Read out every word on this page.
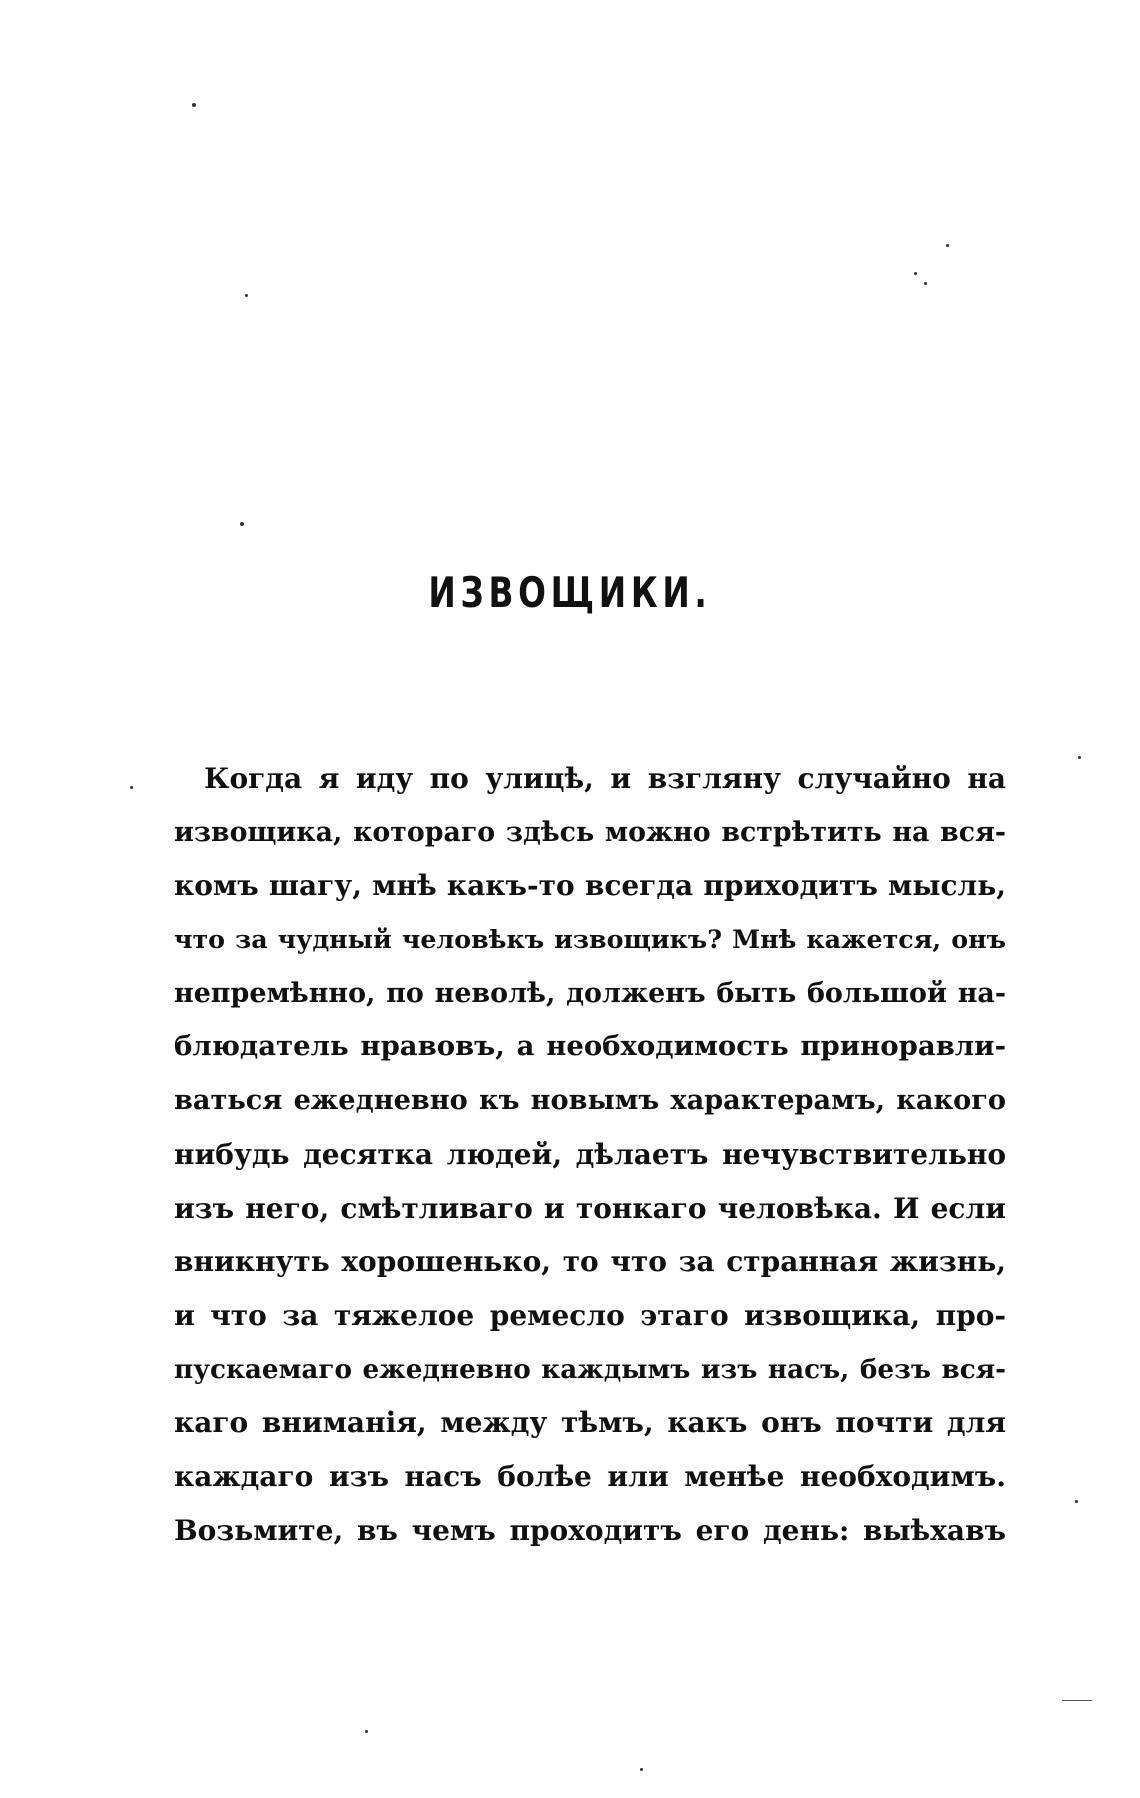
ИЗВОЩИКИ.
Когда я иду по улицѣ, и взгляну случайно на
извощика, котораго здѣсь можно встрѣтить на вся-
комъ шагу, мнѣ какъ-то всегда приходитъ мысль,
что за чудный человѣкъ извощикъ? Мнѣ кажется, онъ
непремѣнно, по неволѣ, долженъ быть большой на-
блюдатель нравовъ, а необходимость приноравли-
ваться ежедневно къ новымъ характерамъ, какого
нибудь десятка людей, дѣлаетъ нечувствительно
изъ него, смѣтливаго и тонкаго человѣка. И если
вникнуть хорошенько, то что за странная жизнь,
и что за тяжелое ремесло этаго извощика, про-
пускаемаго ежедневно каждымъ изъ насъ, безъ вся-
каго вниманія, между тѣмъ, какъ онъ почти для
каждаго изъ насъ болѣе или менѣе необходимъ.
Возьмите, въ чемъ проходитъ его день: выѣхавъ
